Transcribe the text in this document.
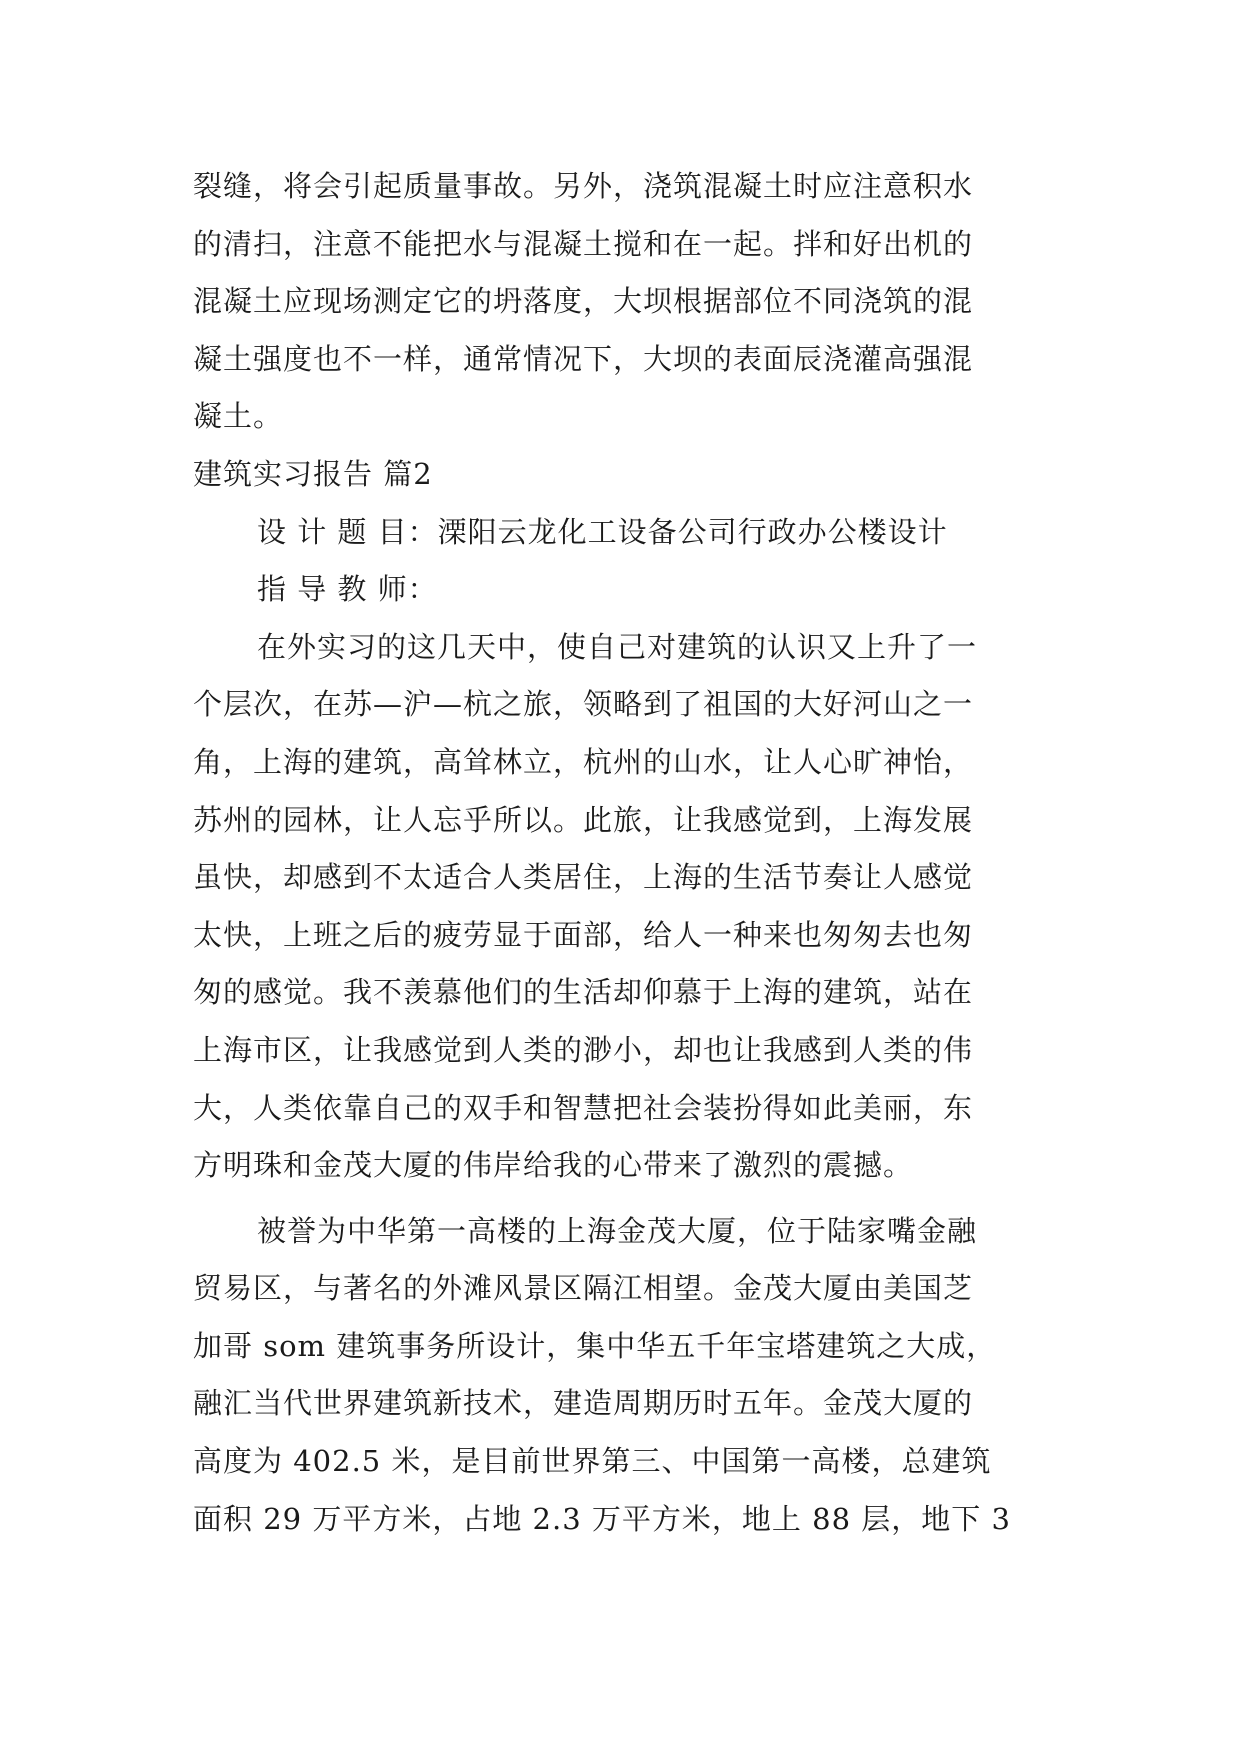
裂缝，将会引起质量事故。另外，浇筑混凝土时应注意积水
的清扫，注意不能把水与混凝土搅和在一起。拌和好出机的
混凝土应现场测定它的坍落度，大坝根据部位不同浇筑的混
凝土强度也不一样，通常情况下，大坝的表面辰浇灌高强混
凝土。
建筑实习报告 篇2
设 计 题 目：溧阳云龙化工设备公司行政办公楼设计
指 导 教 师：
在外实习的这几天中，使自己对建筑的认识又上升了一
个层次，在苏—沪—杭之旅，领略到了祖国的大好河山之一
角，上海的建筑，高耸林立，杭州的山水，让人心旷神怡，
苏州的园林，让人忘乎所以。此旅，让我感觉到，上海发展
虽快，却感到不太适合人类居住，上海的生活节奏让人感觉
太快，上班之后的疲劳显于面部，给人一种来也匆匆去也匆
匆的感觉。我不羡慕他们的生活却仰慕于上海的建筑，站在
上海市区，让我感觉到人类的渺小，却也让我感到人类的伟
大，人类依靠自己的双手和智慧把社会装扮得如此美丽，东
方明珠和金茂大厦的伟岸给我的心带来了激烈的震撼。
被誉为中华第一高楼的上海金茂大厦，位于陆家嘴金融
贸易区，与著名的外滩风景区隔江相望。金茂大厦由美国芝
加哥 som 建筑事务所设计，集中华五千年宝塔建筑之大成，
融汇当代世界建筑新技术，建造周期历时五年。金茂大厦的
高度为 402.5 米，是目前世界第三、中国第一高楼，总建筑
面积 29 万平方米，占地 2.3 万平方米，地上 88 层，地下 3
